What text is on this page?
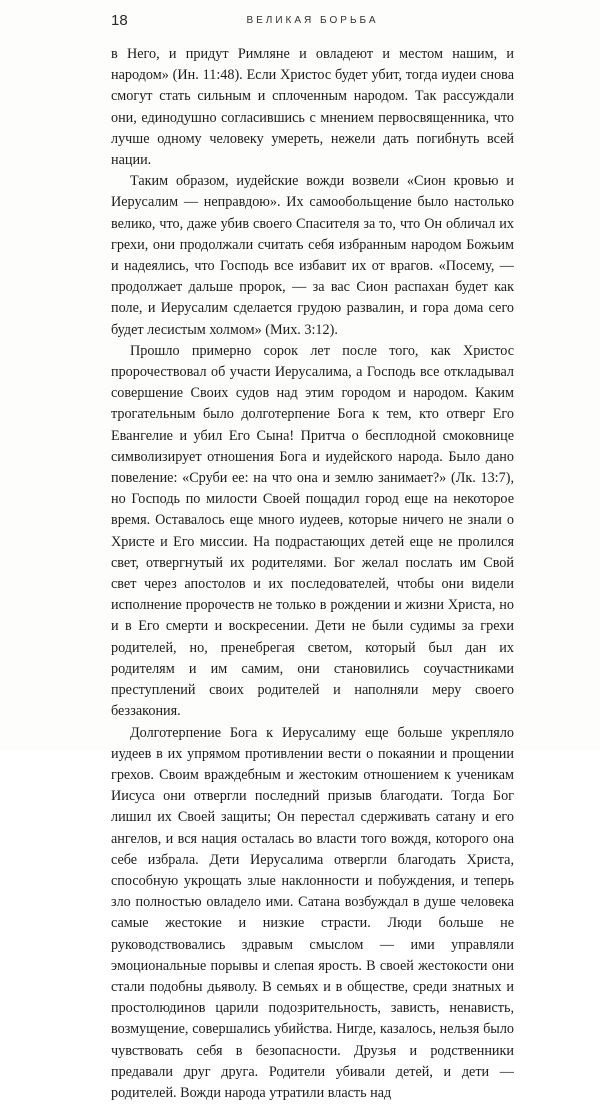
18	ВЕЛИКАЯ БОРЬБА

в Него, и придут Римляне и овладеют и местом нашим, и народом» (Ин. 11:48). Если Христос будет убит, тогда иудеи снова смогут стать сильным и сплоченным народом. Так рассуждали они, единодушно согласившись с мнением первосвященника, что лучше одному человеку умереть, нежели дать погибнуть всей нации.

Таким образом, иудейские вожди возвели «Сион кровью и Иерусалим — неправдою». Их самообольщение было настолько велико, что, даже убив своего Спасителя за то, что Он обличал их грехи, они продолжали считать себя избранным народом Божьим и надеялись, что Господь все избавит их от врагов. «Посему, — продолжает дальше пророк, — за вас Сион распахан будет как поле, и Иерусалим сделается грудою развалин, и гора дома сего будет лесистым холмом» (Мих. 3:12).

Прошло примерно сорок лет после того, как Христос пророчествовал об участи Иерусалима, а Господь все откладывал совершение Своих судов над этим городом и народом. Каким трогательным было долготерпение Бога к тем, кто отверг Его Евангелие и убил Его Сына! Притча о бесплодной смоковнице символизирует отношения Бога и иудейского народа. Было дано повеление: «Сруби ее: на что она и землю занимает?» (Лк. 13:7), но Господь по милости Своей пощадил город еще на некоторое время. Оставалось еще много иудеев, которые ничего не знали о Христе и Его миссии. На подрастающих детей еще не пролился свет, отвергнутый их родителями. Бог желал послать им Свой свет через апостолов и их последователей, чтобы они видели исполнение пророчеств не только в рождении и жизни Христа, но и в Его смерти и воскресении. Дети не были судимы за грехи родителей, но, пренебрегая светом, который был дан их родителям и им самим, они становились соучастниками преступлений своих родителей и наполняли меру своего беззакония.

Долготерпение Бога к Иерусалиму еще больше укрепляло иудеев в их упрямом противлении вести о покаянии и прощении грехов. Своим враждебным и жестоким отношением к ученикам Иисуса они отвергли последний призыв благодати. Тогда Бог лишил их Своей защиты; Он перестал сдерживать сатану и его ангелов, и вся нация осталась во власти того вождя, которого она себе избрала. Дети Иерусалима отвергли благодать Христа, способную укрощать злые наклонности и побуждения, и теперь зло полностью овладело ими. Сатана возбуждал в душе человека самые жестокие и низкие страсти. Люди больше не руководствовались здравым смыслом — ими управляли эмоциональные порывы и слепая ярость. В своей жестокости они стали подобны дьяволу. В семьях и в обществе, среди знатных и простолюдинов царили подозрительность, зависть, ненависть, возмущение, совершались убийства. Нигде, казалось, нельзя было чувствовать себя в безопасности. Друзья и родственники предавали друг друга. Родители убивали детей, и дети — родителей. Вожди народа утратили власть над
